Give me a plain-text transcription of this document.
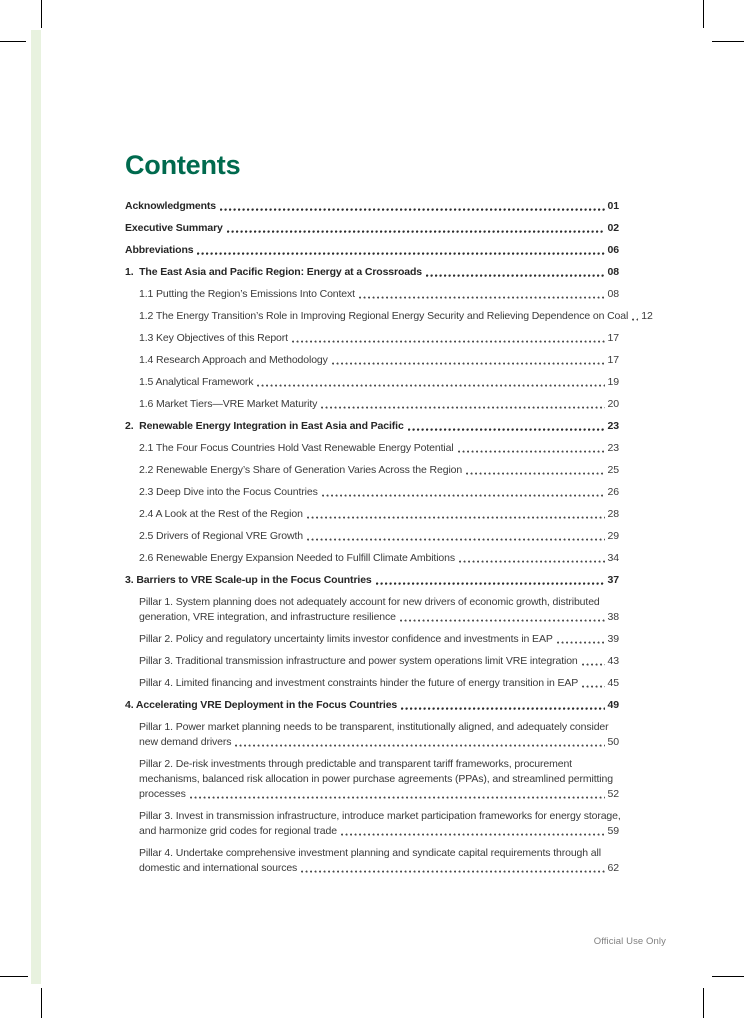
Contents
Acknowledgments	01
Executive Summary	02
Abbreviations	06
1.  The East Asia and Pacific Region: Energy at a Crossroads	08
1.1 Putting the Region’s Emissions Into Context	08
1.2 The Energy Transition’s Role in Improving Regional Energy Security and Relieving Dependence on Coal 12
1.3 Key Objectives of this Report	17
1.4 Research Approach and Methodology	17
1.5 Analytical Framework	19
1.6 Market Tiers—VRE Market Maturity	20
2.  Renewable Energy Integration in East Asia and Pacific	23
2.1 The Four Focus Countries Hold Vast Renewable Energy Potential	23
2.2 Renewable Energy’s Share of Generation Varies Across the Region	25
2.3 Deep Dive into the Focus Countries	26
2.4 A Look at the Rest of the Region	28
2.5 Drivers of Regional VRE Growth	29
2.6 Renewable Energy Expansion Needed to Fulfill Climate Ambitions	34
3. Barriers to VRE Scale-up in the Focus Countries	37
Pillar 1. System planning does not adequately account for new drivers of economic growth, distributed
generation, VRE integration, and infrastructure resilience	38
Pillar 2. Policy and regulatory uncertainty limits investor confidence and investments in EAP	39
Pillar 3. Traditional transmission infrastructure and power system operations limit VRE integration	43
Pillar 4. Limited financing and investment constraints hinder the future of energy transition in EAP	45
4. Accelerating VRE Deployment in the Focus Countries	49
Pillar 1. Power market planning needs to be transparent, institutionally aligned, and adequately consider
new demand drivers	50
Pillar 2. De-risk investments through predictable and transparent tariff frameworks, procurement
mechanisms, balanced risk allocation in power purchase agreements (PPAs), and streamlined permitting
processes	52
Pillar 3. Invest in transmission infrastructure, introduce market participation frameworks for energy storage,
and harmonize grid codes for regional trade	59
Pillar 4. Undertake comprehensive investment planning and syndicate capital requirements through all
domestic and international sources	62
Official Use Only
